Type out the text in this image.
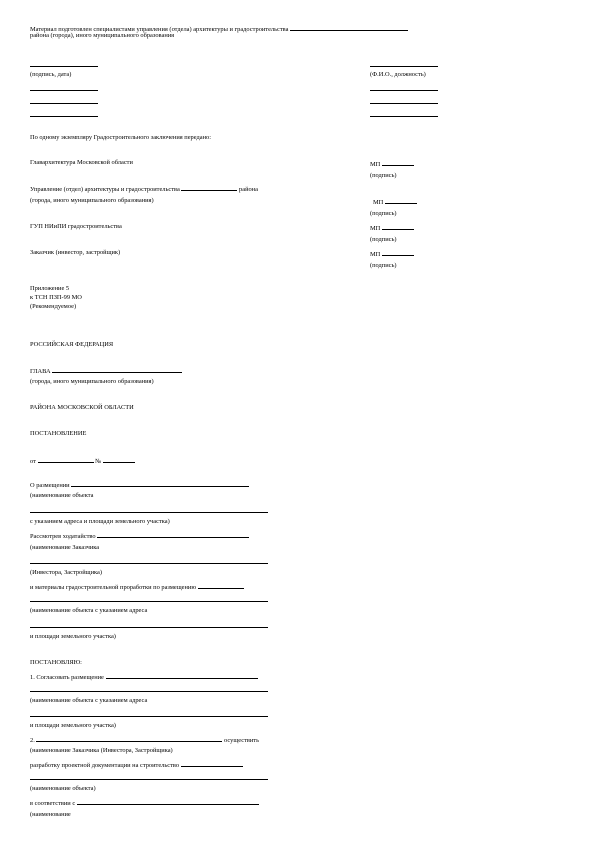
Материал подготовлен специалистами управления (отдела) архитектуры и градостроительства
района (города), иного муниципального образования
(подпись, дата)	(Ф.И.О., должность)
По одному экземпляру Градостроительного заключения передано:
Главархитектура Московской области	МП
(подпись)
Управление (отдел) архитектуры и градостроительства	района
(города, иного муниципального образования)	МП
(подпись)
ГУП НИиПИ градостроительства	МП
(подпись)
Заказчик (инвестор, застройщик)	МП
(подпись)
Приложение 5
к ТСН ПЗП-99 МО
(Рекомендуемое)
РОССИЙСКАЯ ФЕДЕРАЦИЯ
ГЛАВА
(города, иного муниципального образования)
РАЙОНА МОСКОВСКОЙ ОБЛАСТИ
ПОСТАНОВЛЕНИЕ
от	№
О размещении
(наименование объекта
с указанием адреса и площади земельного участка)
Рассмотрев ходатайство
(наименование Заказчика
(Инвестора, Застройщика)
и материалы градостроительной проработки по размещению
(наименование объекта с указанием адреса
и площади земельного участка)
ПОСТАНОВЛЯЮ:
1. Согласовать размещение
(наименование объекта с указанием адреса
и площади земельного участка)
2.	осуществить
(наименование Заказчика (Инвестора, Застройщика)
разработку проектной документации на строительство
(наименование объекта)
в соответствии с
(наименование
